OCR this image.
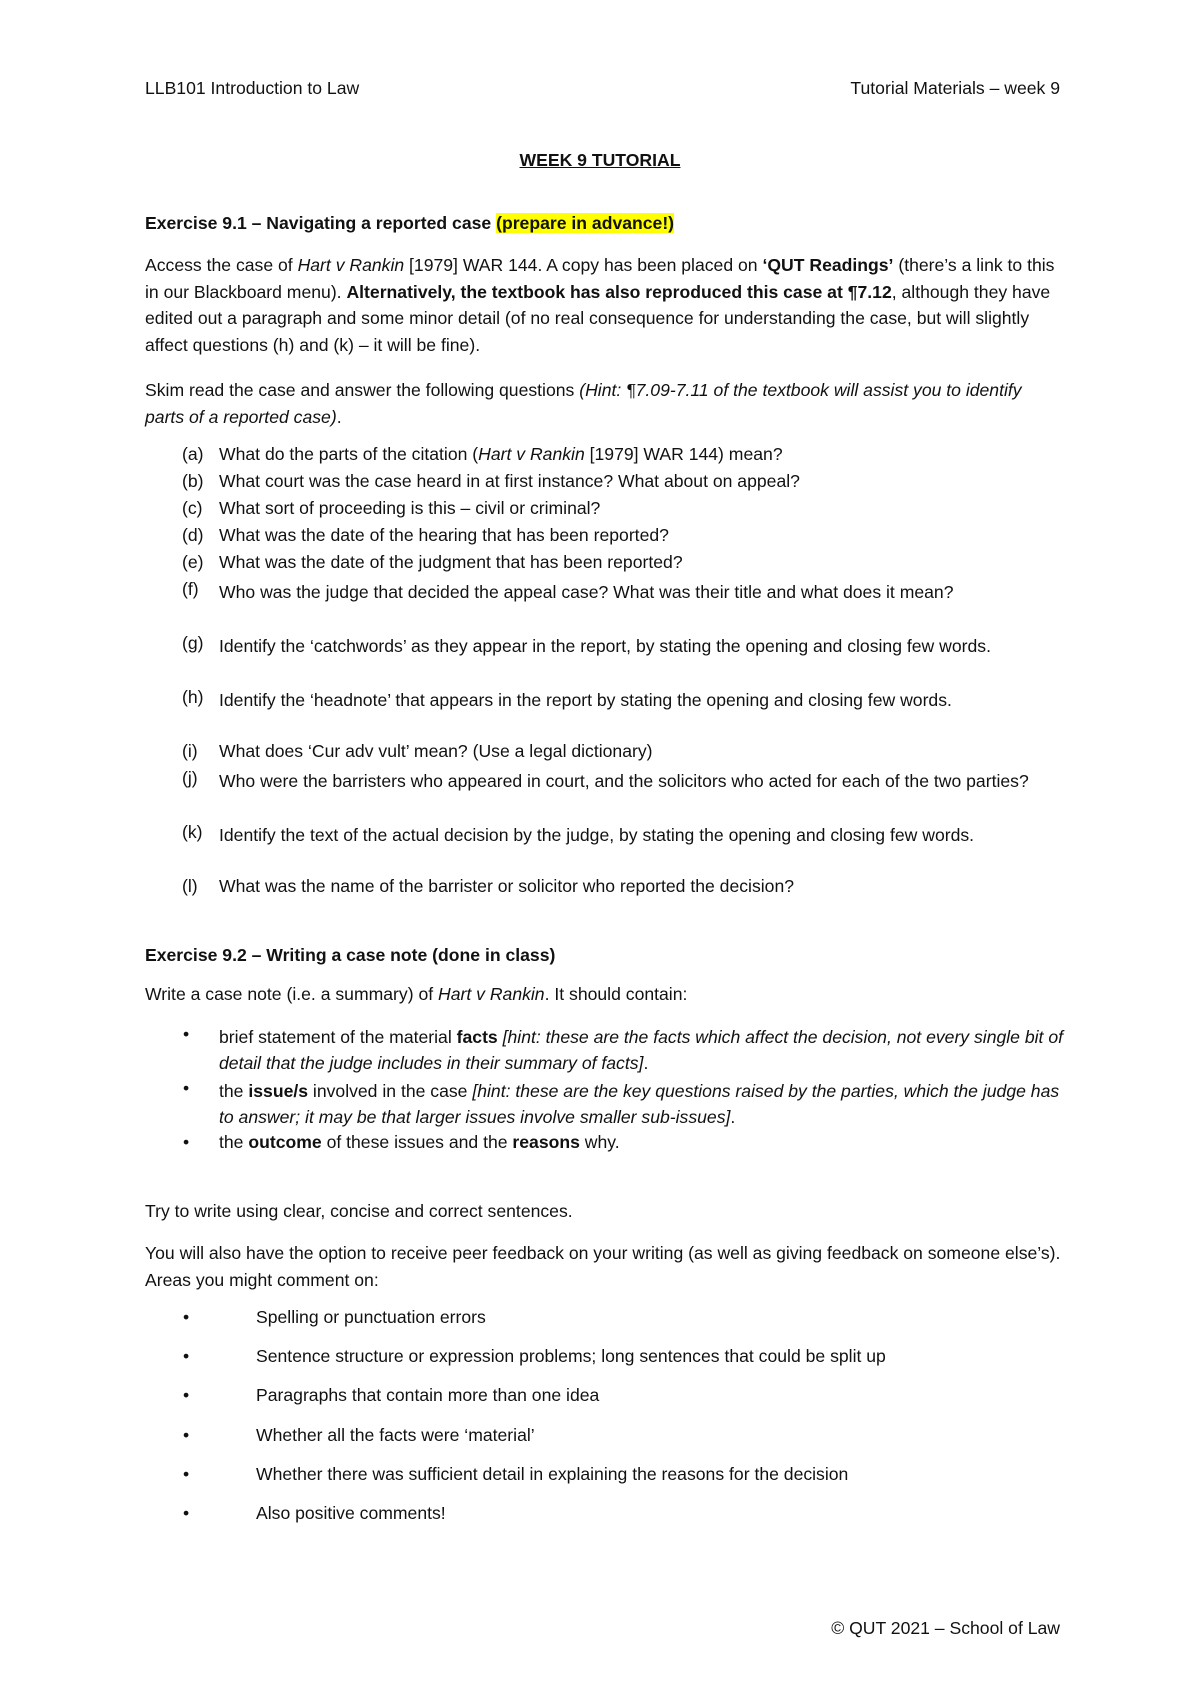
LLB101 Introduction to Law	Tutorial Materials – week 9
WEEK 9 TUTORIAL
Exercise 9.1 – Navigating a reported case (prepare in advance!)
Access the case of Hart v Rankin [1979] WAR 144. A copy has been placed on ‘QUT Readings’ (there’s a link to this in our Blackboard menu). Alternatively, the textbook has also reproduced this case at ¶7.12, although they have edited out a paragraph and some minor detail (of no real consequence for understanding the case, but will slightly affect questions (h) and (k) – it will be fine).
Skim read the case and answer the following questions (Hint: ¶7.09-7.11 of the textbook will assist you to identify parts of a reported case).
(a) What do the parts of the citation (Hart v Rankin [1979] WAR 144) mean?
(b) What court was the case heard in at first instance? What about on appeal?
(c) What sort of proceeding is this – civil or criminal?
(d) What was the date of the hearing that has been reported?
(e) What was the date of the judgment that has been reported?
(f) Who was the judge that decided the appeal case? What was their title and what does it mean?
(g) Identify the ‘catchwords’ as they appear in the report, by stating the opening and closing few words.
(h) Identify the ‘headnote’ that appears in the report by stating the opening and closing few words.
(i) What does ‘Cur adv vult’ mean? (Use a legal dictionary)
(j) Who were the barristers who appeared in court, and the solicitors who acted for each of the two parties?
(k) Identify the text of the actual decision by the judge, by stating the opening and closing few words.
(l) What was the name of the barrister or solicitor who reported the decision?
Exercise 9.2 – Writing a case note (done in class)
Write a case note (i.e. a summary) of Hart v Rankin. It should contain:
• brief statement of the material facts [hint: these are the facts which affect the decision, not every single bit of detail that the judge includes in their summary of facts].
• the issue/s involved in the case [hint: these are the key questions raised by the parties, which the judge has to answer; it may be that larger issues involve smaller sub-issues].
• the outcome of these issues and the reasons why.
Try to write using clear, concise and correct sentences.
You will also have the option to receive peer feedback on your writing (as well as giving feedback on someone else’s). Areas you might comment on:
•	Spelling or punctuation errors
•	Sentence structure or expression problems; long sentences that could be split up
•	Paragraphs that contain more than one idea
•	Whether all the facts were ‘material’
•	Whether there was sufficient detail in explaining the reasons for the decision
•	Also positive comments!
© QUT 2021 – School of Law
